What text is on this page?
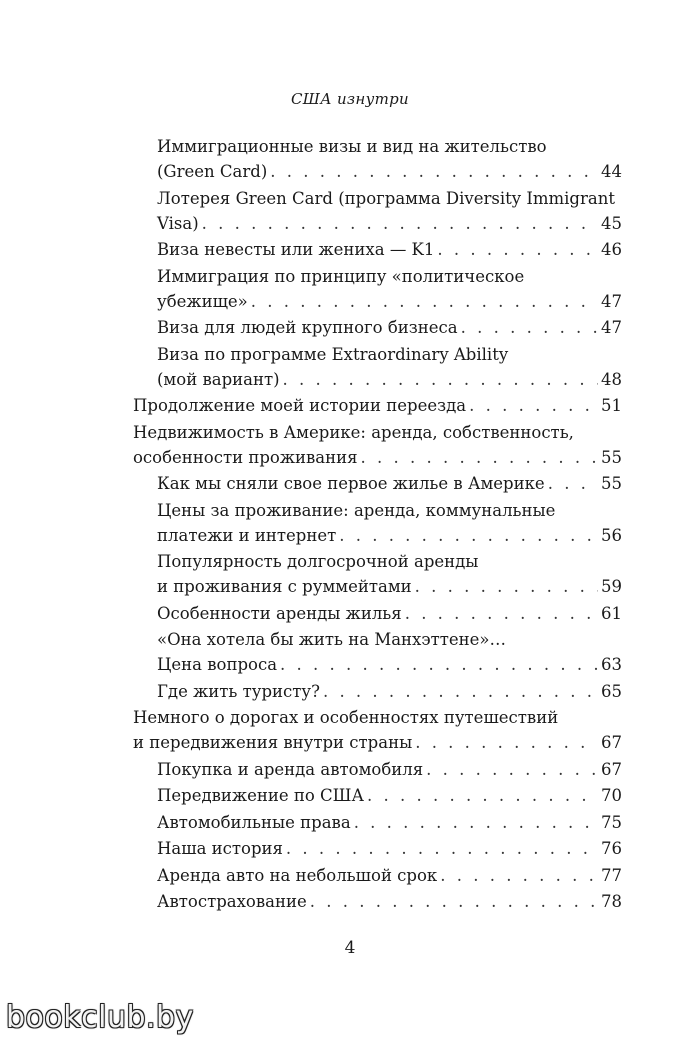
США изнутри
Иммиграционные визы и вид на жительство
(Green Card) . . .	44
Лотерея Green Card (программа Diversity Immigrant
Visa) . . .	45
Виза невесты или жениха — K1 . . .	46
Иммиграция по принципу «политическое
убежище» . . .	47
Виза для людей крупного бизнеса . . .	47
Виза по программе Extraordinary Ability
(мой вариант) . . .	48
Продолжение моей истории переезда . . .	51
Недвижимость в Америке: аренда, собственность,
особенности проживания . . .	55
Как мы сняли свое первое жилье в Америке . . .	55
Цены за проживание: аренда, коммунальные
платежи и интернет . . .	56
Популярность долгосрочной аренды
и проживания с руммейтами . . .	59
Особенности аренды жилья . . .	61
«Она хотела бы жить на Манхэттене»…
Цена вопроса . . .	63
Где жить туристу? . . .	65
Немного о дорогах и особенностях путешествий
и передвижения внутри страны . . .	67
Покупка и аренда автомобиля . . .	67
Передвижение по США . . .	70
Автомобильные права . . .	75
Наша история . . .	76
Аренда авто на небольшой срок . . .	77
Автострахование . . .	78
4
bookclub.by
